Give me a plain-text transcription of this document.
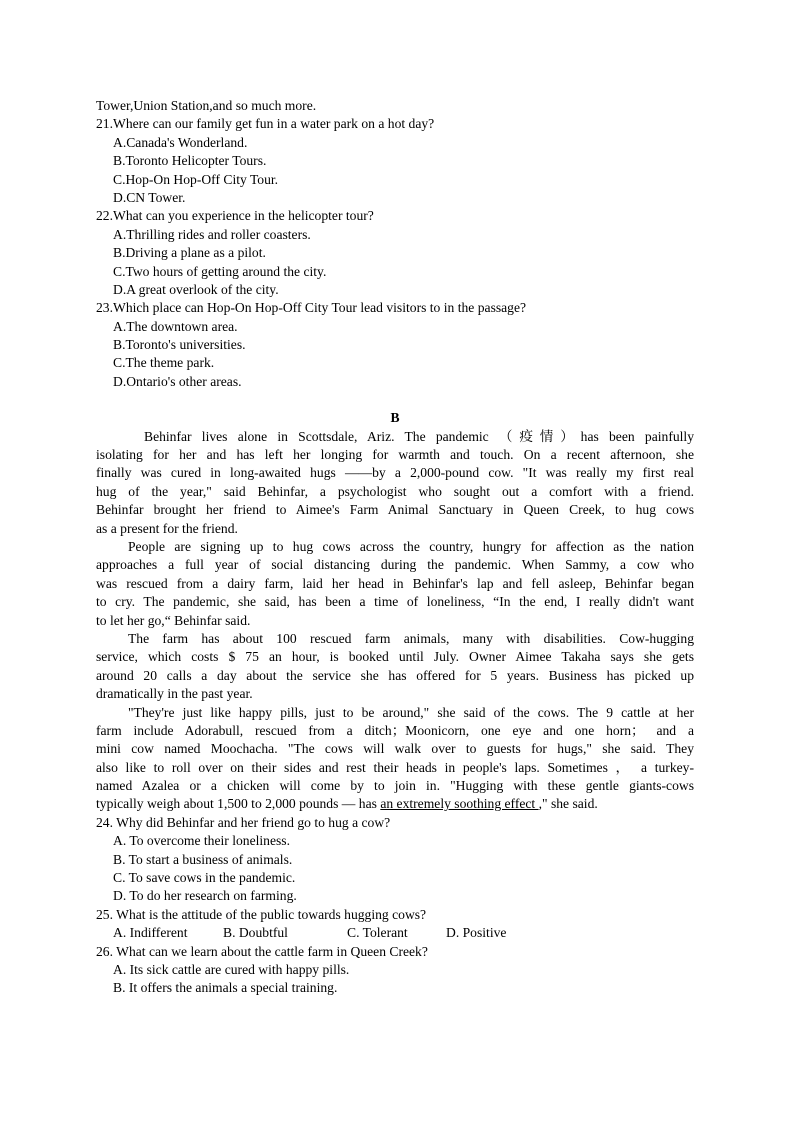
Tower,Union Station,and so much more.
21.Where can our family get fun in a water park on a hot day?
A.Canada's Wonderland.
B.Toronto Helicopter Tours.
C.Hop-On Hop-Off City Tour.
D.CN Tower.
22.What can you experience in the helicopter tour?
A.Thrilling rides and roller coasters.
B.Driving a plane as a pilot.
C.Two hours of getting around the city.
D.A great overlook of the city.
23.Which place can Hop-On Hop-Off City Tour lead visitors to in the passage?
A.The downtown area.
B.Toronto's universities.
C.The theme park.
D.Ontario's other areas.
B
Behinfar lives alone in Scottsdale, Ariz. The pandemic （疫情）has been painfully
isolating for her and has left her longing for warmth and touch. On a recent afternoon, she
finally was cured in long-awaited hugs ——by a 2,000-pound cow. "It was really my first real
hug of the year," said Behinfar, a psychologist who sought out a comfort with a friend.
Behinfar brought her friend to Aimee's Farm Animal Sanctuary in Queen Creek, to hug cows
as a present for the friend.
People are signing up to hug cows across the country, hungry for affection as the nation
approaches a full year of social distancing during the pandemic. When Sammy, a cow who
was rescued from a dairy farm, laid her head in Behinfar's lap and fell asleep, Behinfar began
to cry. The pandemic, she said, has been a time of loneliness, “In the end, I really didn't want
to let her go,“ Behinfar said.
The farm has about 100 rescued farm animals, many with disabilities. Cow-hugging
service, which costs $ 75 an hour, is booked until July. Owner Aimee Takaha says she gets
around 20 calls a day about the service she has offered for 5 years. Business has picked up
dramatically in the past year.
"They're just like happy pills, just to be around," she said of the cows. The 9 cattle at her
farm include Adorabull, rescued from a ditch；Moonicorn, one eye and one horn； and a
mini cow named Moochacha. "The cows will walk over to guests for hugs," she said. They
also like to roll over on their sides and rest their heads in people's laps. Sometimes ， a turkey-
named Azalea or a chicken will come by to join in. "Hugging with these gentle giants-cows
typically weigh about 1,500 to 2,000 pounds — has an extremely soothing effect ," she said.
24. Why did Behinfar and her friend go to hug a cow?
A. To overcome their loneliness.
B. To start a business of animals.
C. To save cows in the pandemic.
D. To do her research on farming.
25. What is the attitude of the public towards hugging cows?
A. Indifferent	B. Doubtful	C. Tolerant	D. Positive
26. What can we learn about the cattle farm in Queen Creek?
A. Its sick cattle are cured with happy pills.
B. It offers the animals a special training.
